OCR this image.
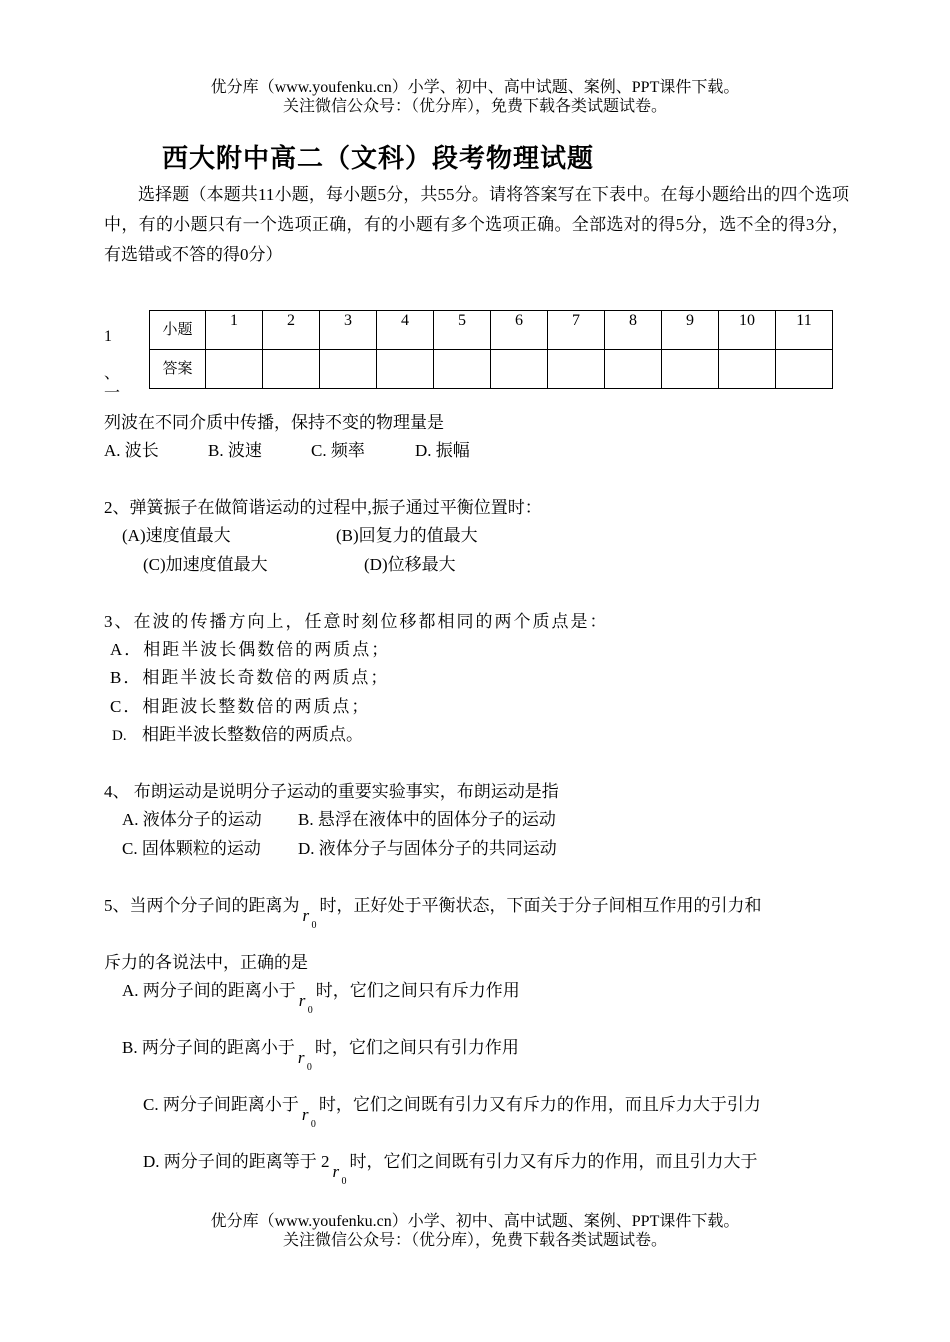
优分库（www.youfenku.cn）小学、初中、高中试题、案例、PPT课件下载。
关注微信公众号：（优分库），免费下载各类试题试卷。
西大附中高二（文科）段考物理试题
选择题（本题共11小题，每小题5分，共55分。请将答案写在下表中。在每小题给出的四个选项中，有的小题只有一个选项正确，有的小题有多个选项正确。全部选对的得5分，选不全的得3分，有选错或不答的得0分）
1
、
一
小题	1	2	3	4	5	6	7	8	9	10	11
答案											
列波在不同介质中传播，保持不变的物理量是
A. 波长	B. 波速	C. 频率	D. 振幅
2、弹簧振子在做简谐运动的过程中,振子通过平衡位置时：
(A)速度值最大	(B)回复力的值最大
(C)加速度值最大	(D)位移最大
3、在波的传播方向上，任意时刻位移都相同的两个质点是：
A．相距半波长偶数倍的两质点；
B．相距半波长奇数倍的两质点；
C．相距波长整数倍的两质点；
D. 相距半波长整数倍的两质点。
4、 布朗运动是说明分子运动的重要实验事实，布朗运动是指
A. 液体分子的运动 B. 悬浮在液体中的固体分子的运动
C. 固体颗粒的运动 D. 液体分子与固体分子的共同运动
5、当两个分子间的距离为
r
0
时，正好处于平衡状态，下面关于分子间相互作用的引力和
斥力的各说法中，正确的是
A. 两分子间的距离小于
r
0
时，它们之间只有斥力作用
B. 两分子间的距离小于
r
0
时，它们之间只有引力作用
C. 两分子间距离小于
r
0
时，它们之间既有引力又有斥力的作用，而且斥力大于引力
D. 两分子间的距离等于 2
r
0
时，它们之间既有引力又有斥力的作用，而且引力大于
优分库（www.youfenku.cn）小学、初中、高中试题、案例、PPT课件下载。
关注微信公众号：（优分库），免费下载各类试题试卷。
